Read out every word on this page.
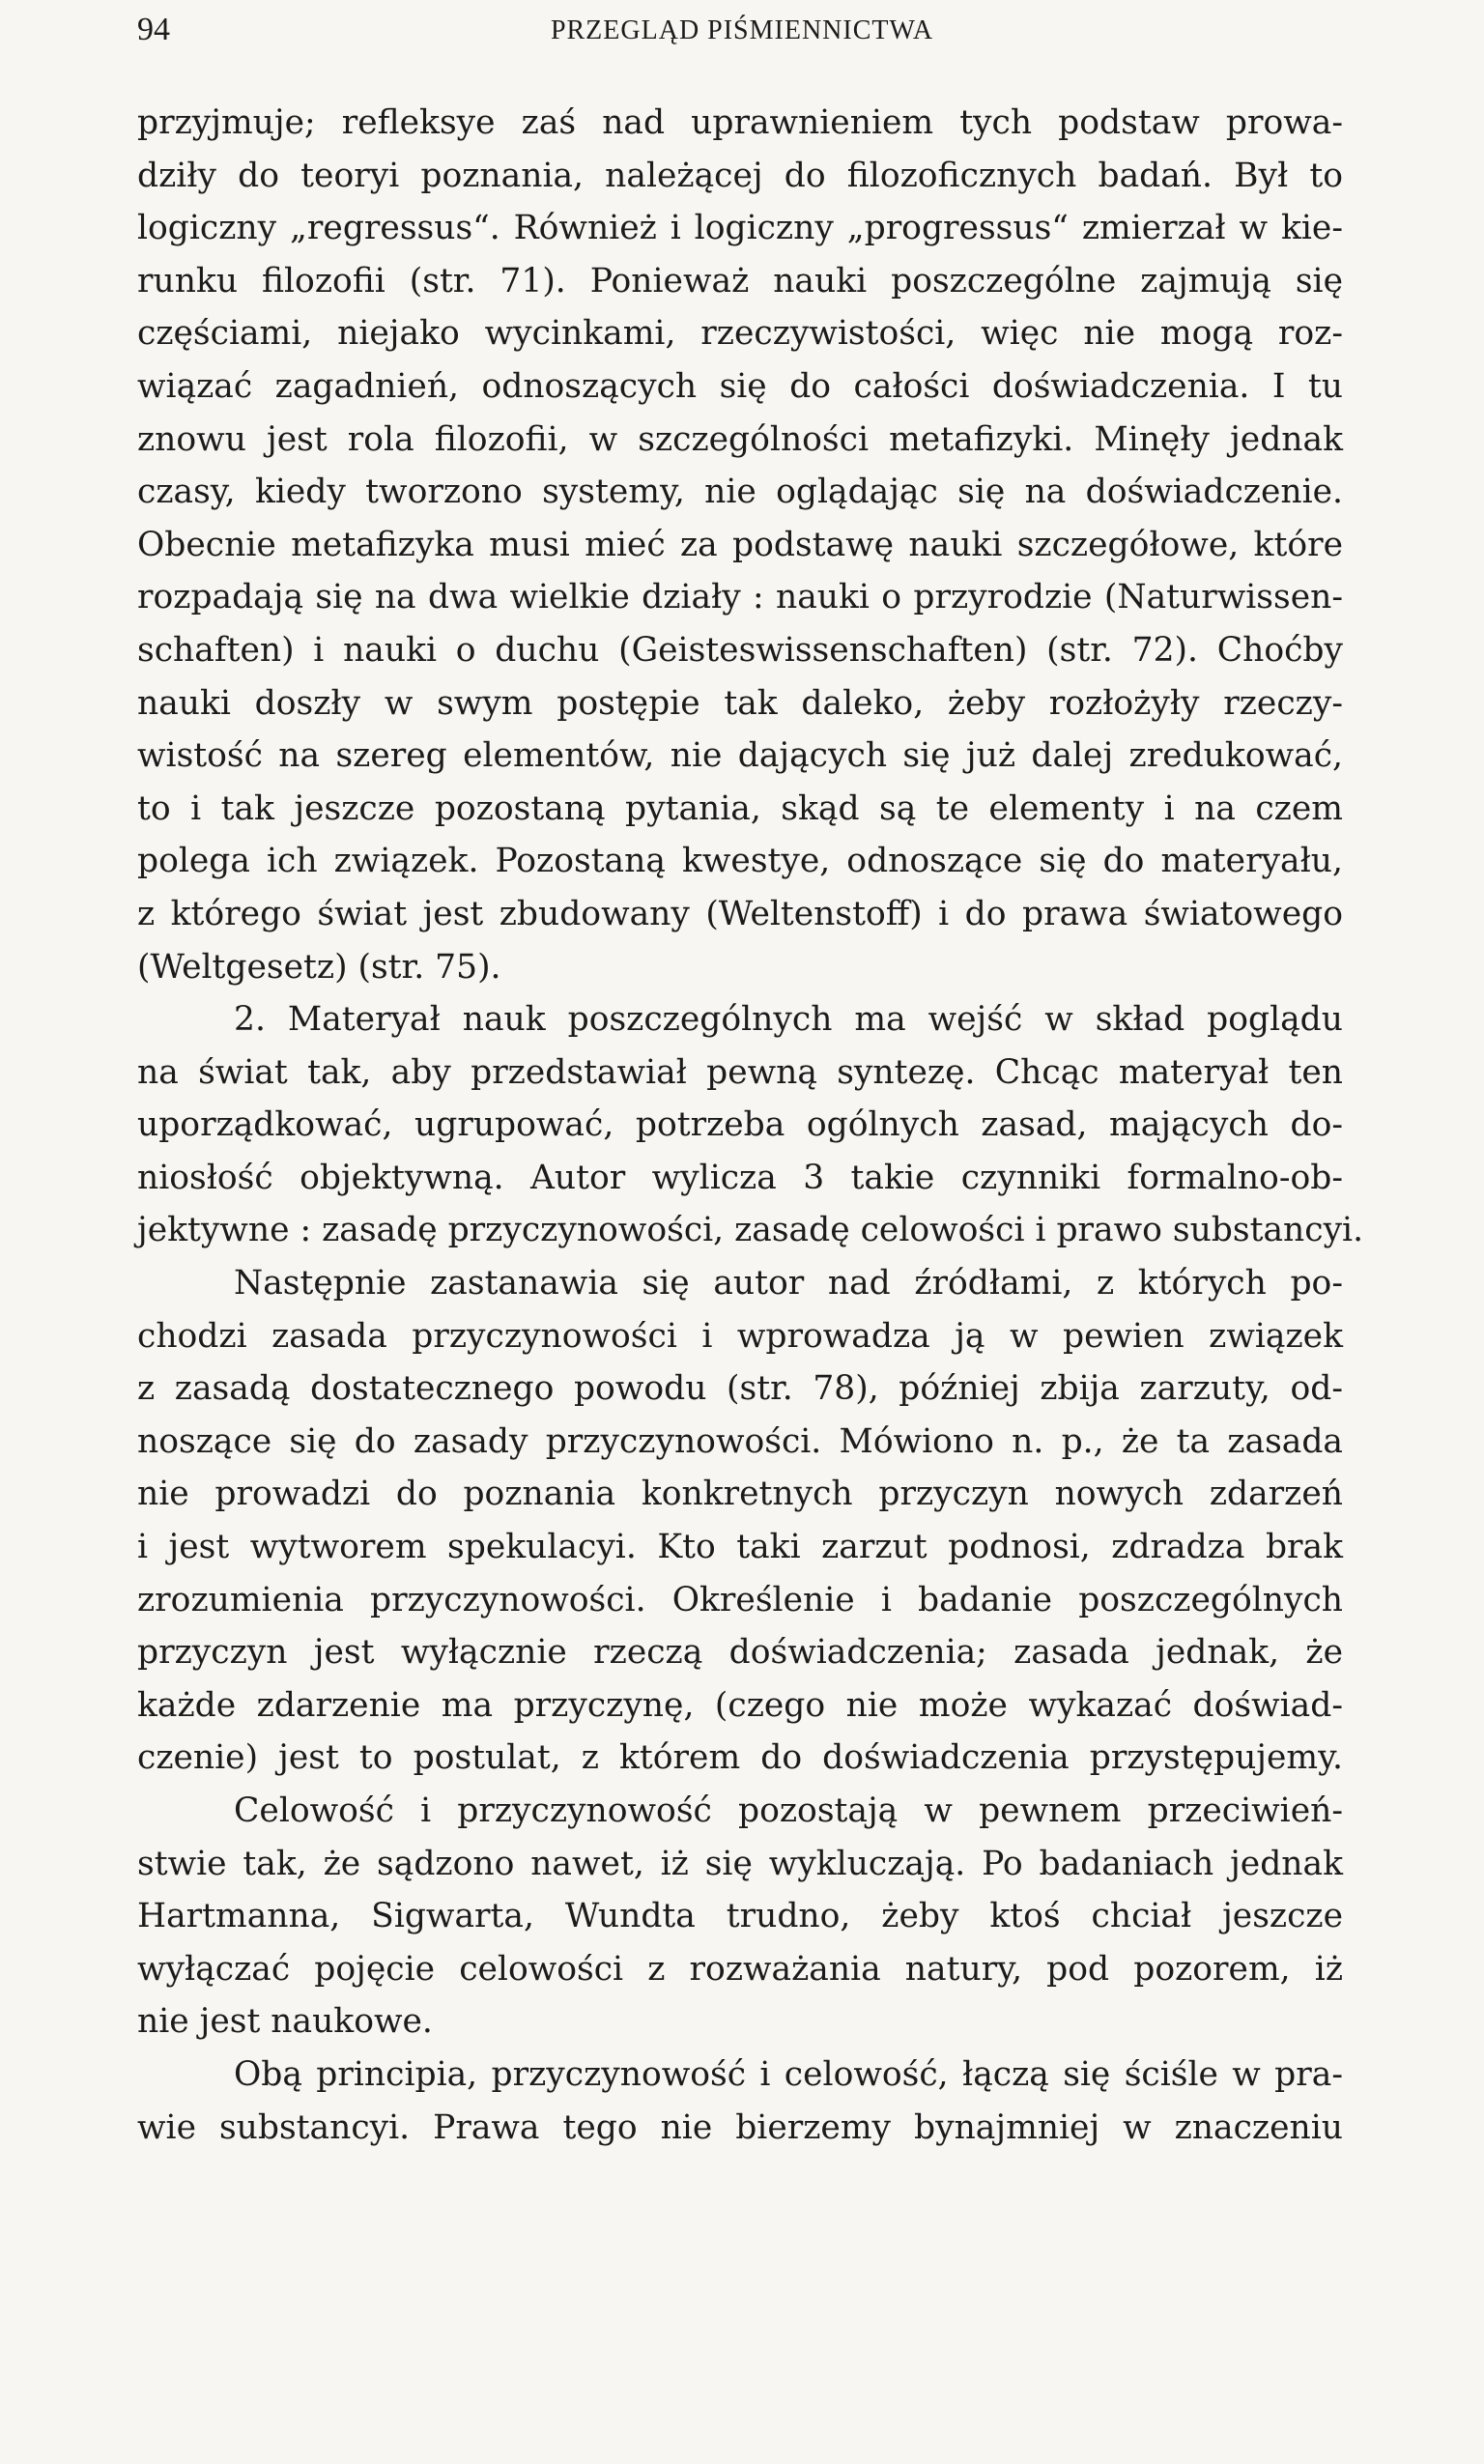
94	PRZEGLĄD PIŚMIENNICTWA
przyjmuje; refleksye zaś nad uprawnieniem tych podstaw prowa-
dziły do teoryi poznania, należącej do filozoficznych badań. Był to
logiczny „regressus“. Również i logiczny „progressus“ zmierzał w kie-
runku filozofii (str. 71). Ponieważ nauki poszczególne zajmują się
częściami, niejako wycinkami, rzeczywistości, więc nie mogą roz-
wiązać zagadnień, odnoszących się do całości doświadczenia. I tu
znowu jest rola filozofii, w szczególności metafizyki. Minęły jednak
czasy, kiedy tworzono systemy, nie oglądając się na doświadczenie.
Obecnie metafizyka musi mieć za podstawę nauki szczegółowe, które
rozpadają się na dwa wielkie działy : nauki o przyrodzie (Naturwissen-
schaften) i nauki o duchu (Geisteswissenschaften) (str. 72). Choćby
nauki doszły w swym postępie tak daleko, żeby rozłożyły rzeczy-
wistość na szereg elementów, nie dających się już dalej zredukować,
to i tak jeszcze pozostaną pytania, skąd są te elementy i na czem
polega ich związek. Pozostaną kwestye, odnoszące się do materyału,
z którego świat jest zbudowany (Weltenstoff) i do prawa światowego
(Weltgesetz) (str. 75).
2. Materyał nauk poszczególnych ma wejść w skład poglądu
na świat tak, aby przedstawiał pewną syntezę. Chcąc materyał ten
uporządkować, ugrupować, potrzeba ogólnych zasad, mających do-
niosłość objektywną. Autor wylicza 3 takie czynniki formalno-ob-
jektywne : zasadę przyczynowości, zasadę celowości i prawo substancyi.
Następnie zastanawia się autor nad źródłami, z których po-
chodzi zasada przyczynowości i wprowadza ją w pewien związek
z zasadą dostatecznego powodu (str. 78), później zbija zarzuty, od-
noszące się do zasady przyczynowości. Mówiono n. p., że ta zasada
nie prowadzi do poznania konkretnych przyczyn nowych zdarzeń
i jest wytworem spekulacyi. Kto taki zarzut podnosi, zdradza brak
zrozumienia przyczynowości. Określenie i badanie poszczególnych
przyczyn jest wyłącznie rzeczą doświadczenia; zasada jednak, że
każde zdarzenie ma przyczynę, (czego nie może wykazać doświad-
czenie) jest to postulat, z którem do doświadczenia przystępujemy.
Celowość i przyczynowość pozostają w pewnem przeciwień-
stwie tak, że sądzono nawet, iż się wykluczają. Po badaniach jednak
Hartmanna, Sigwarta, Wundta trudno, żeby ktoś chciał jeszcze
wyłączać pojęcie celowości z rozważania natury, pod pozorem, iż
nie jest naukowe.
Obą principia, przyczynowość i celowość, łączą się ściśle w pra-
wie substancyi. Prawa tego nie bierzemy bynajmniej w znaczeniu
